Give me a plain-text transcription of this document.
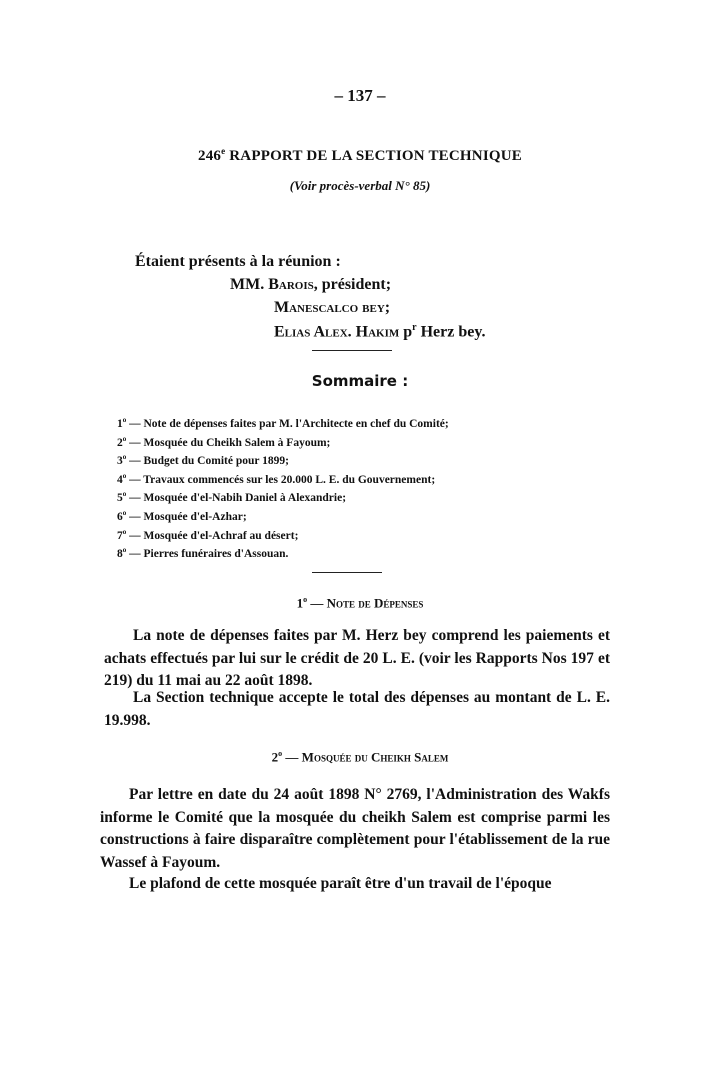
– 137 –
246e RAPPORT DE LA SECTION TECHNIQUE
(Voir procès-verbal N° 85)
Étaient présents à la réunion :
MM. Barois, président;
Manescalco bey;
Elias Alex. Hakim $p^r$ Herz bey.
Sommaire :
1$^o$ — Note de dépenses faites par M. l'Architecte en chef du Comité;
2$^o$ — Mosquée du Cheikh Salem à Fayoum;
3$^o$ — Budget du Comité pour 1899;
4$^o$ — Travaux commencés sur les 20.000 L. E. du Gouvernement;
5$^o$ — Mosquée d'el-Nabih Daniel à Alexandrie;
6$^o$ — Mosquée d'el-Azhar;
7$^o$ — Mosquée d'el-Achraf au désert;
8$^o$ — Pierres funéraires d'Assouan.
1$^o$ — Note de Dépenses

La note de dépenses faites par M. Herz bey comprend les paiements et achats effectués par lui sur le crédit de 20 L. E. (voir les Rapports Nos 197 et 219) du 11 mai au 22 août 1898.

La Section technique accepte le total des dépenses au montant de L. E. 19.998.

2$^o$ — Mosquée du Cheikh Salem

Par lettre en date du 24 août 1898 N° 2769, l'Administration des Wakfs informe le Comité que la mosquée du cheikh Salem est comprise parmi les constructions à faire disparaître complètement pour l'établissement de la rue Wassef à Fayoum.

Le plafond de cette mosquée paraît être d'un travail de l'époque
